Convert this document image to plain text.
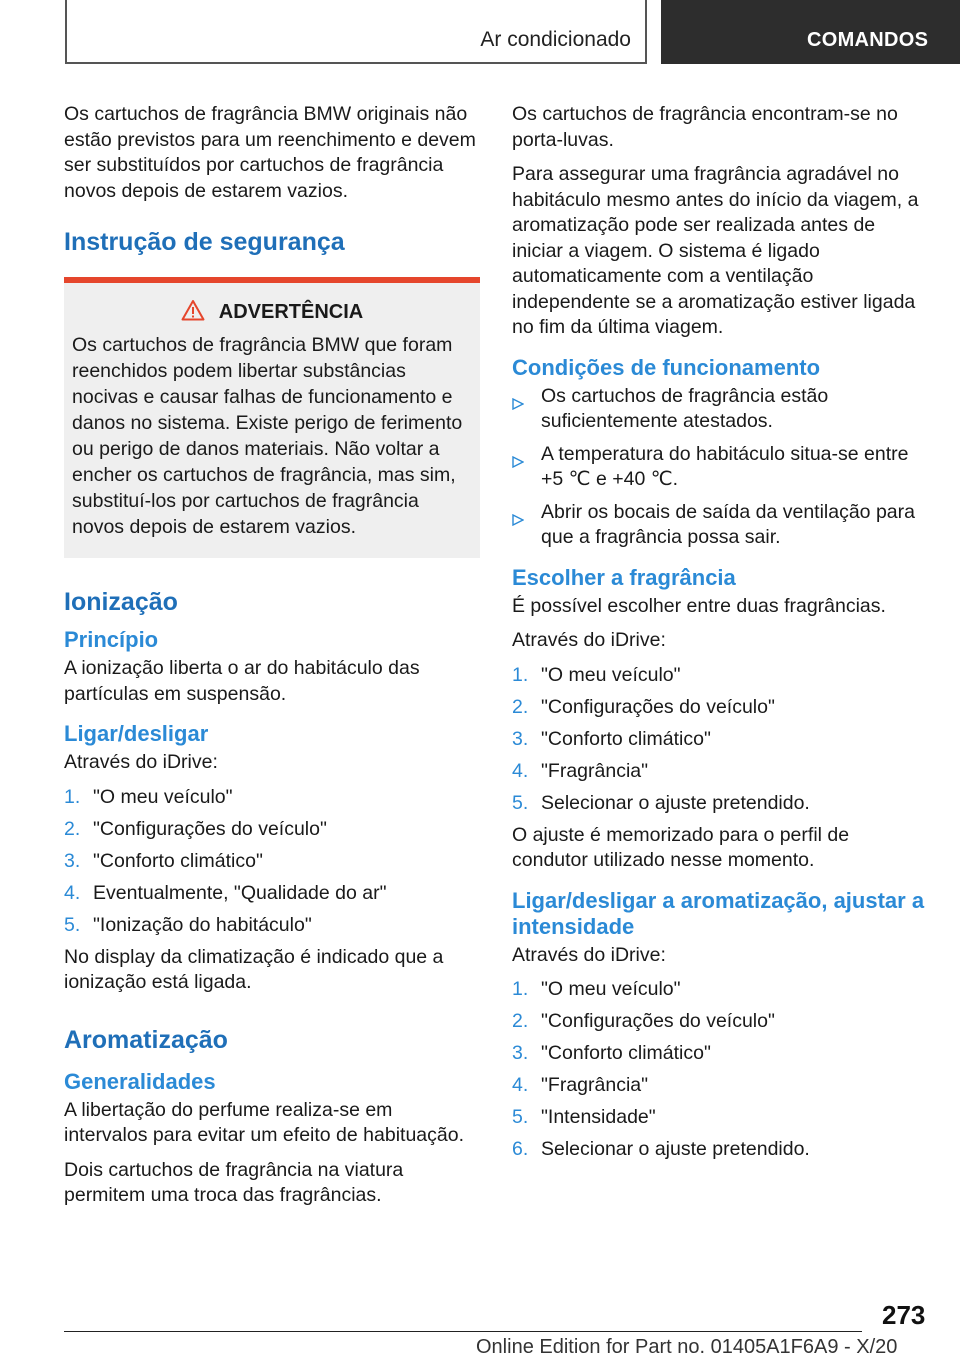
Ar condicionado	COMANDOS

Os cartuchos de fragrância BMW originais não estão previstos para um reenchimento e devem ser substituídos por cartuchos de fragrância novos depois de estarem vazios.

Instrução de segurança
ADVERTÊNCIA

Os cartuchos de fragrância BMW que foram reenchidos podem libertar substâncias nocivas e causar falhas de funcionamento e danos no sistema. Existe perigo de ferimento ou perigo de danos materiais. Não voltar a encher os cartuchos de fragrância, mas sim, substituí-los por cartuchos de fragrância novos depois de estarem vazios.

Ionização
Princípio

A ionização liberta o ar do habitáculo das partículas em suspensão.

Ligar/desligar

Através do iDrive:

1. "O meu veículo"
2. "Configurações do veículo"
3. "Conforto climático"
4. Eventualmente, "Qualidade do ar"
5. "Ionização do habitáculo"

No display da climatização é indicado que a ionização está ligada.

Aromatização
Generalidades

A libertação do perfume realiza-se em intervalos para evitar um efeito de habituação.

Dois cartuchos de fragrância na viatura permitem uma troca das fragrâncias.

Os cartuchos de fragrância encontram-se no porta-luvas.

Para assegurar uma fragrância agradável no habitáculo mesmo antes do início da viagem, a aromatização pode ser realizada antes de iniciar a viagem. O sistema é ligado automaticamente com a ventilação independente se a aromatização estiver ligada no fim da última viagem.

Condições de funcionamento
Os cartuchos de fragrância estão suficientemente atestados.
A temperatura do habitáculo situa-se entre +5 ℃ e +40 ℃.
Abrir os bocais de saída da ventilação para que a fragrância possa sair.
Escolher a fragrância

É possível escolher entre duas fragrâncias.

Através do iDrive:

1. "O meu veículo"
2. "Configurações do veículo"
3. "Conforto climático"
4. "Fragrância"
5. Selecionar o ajuste pretendido.

O ajuste é memorizado para o perfil de condutor utilizado nesse momento.

Ligar/desligar a aromatização, ajustar a intensidade

Através do iDrive:

1. "O meu veículo"
2. "Configurações do veículo"
3. "Conforto climático"
4. "Fragrância"
5. "Intensidade"
6. Selecionar o ajuste pretendido.
273
Online Edition for Part no. 01405A1F6A9 - X/20
